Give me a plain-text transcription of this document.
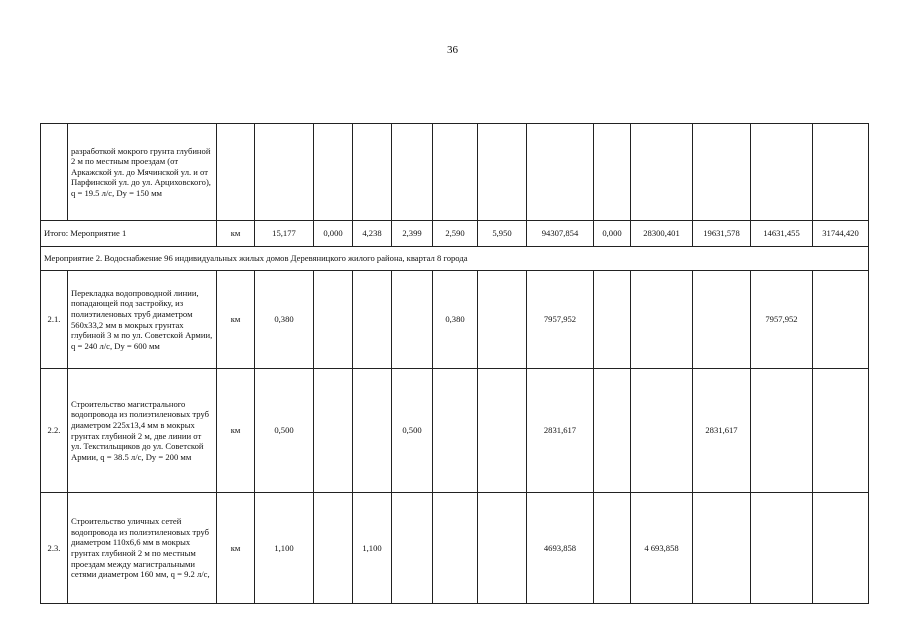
36
	разработкой мокрого грунта глубиной 2 м по местным проездам (от Аркажской ул. до Мячинской ул. и от Парфинской ул. до ул. Арциховского), q = 19.5 л/с, Dу = 150 мм													
Итого: Мероприятие 1		км	15,177	0,000	4,238	2,399	2,590	5,950	94307,854	0,000	28300,401	19631,578	14631,455	31744,420
Мероприятие 2. Водоснабжение 96 индивидуальных жилых домов Деревяницкого жилого района, квартал 8 города														
2.1.	Перекладка водопроводной линии, попадающей под застройку, из полиэтиленовых труб диаметром 560х33,2 мм в мокрых грунтах глубиной 3 м по ул. Советской Армии, q = 240 л/с, Dу = 600 мм	км	0,380				0,380		7957,952				7957,952	
2.2.	Строительство магистрального водопровода из полиэтиленовых труб диаметром 225х13,4 мм в мокрых грунтах глубиной 2 м, две линии от ул. Текстильщиков до ул. Советской Армии, q = 38.5 л/с, Dу = 200 мм	км	0,500			0,500			2831,617			2831,617		
2.3.	Строительство уличных сетей водопровода из полиэтиленовых труб диаметром 110х6,6 мм в мокрых грунтах глубиной 2 м по местным проездам между магистральными сетями диаметром 160 мм, q = 9.2 л/с,	км	1,100		1,100				4693,858		4 693,858			
